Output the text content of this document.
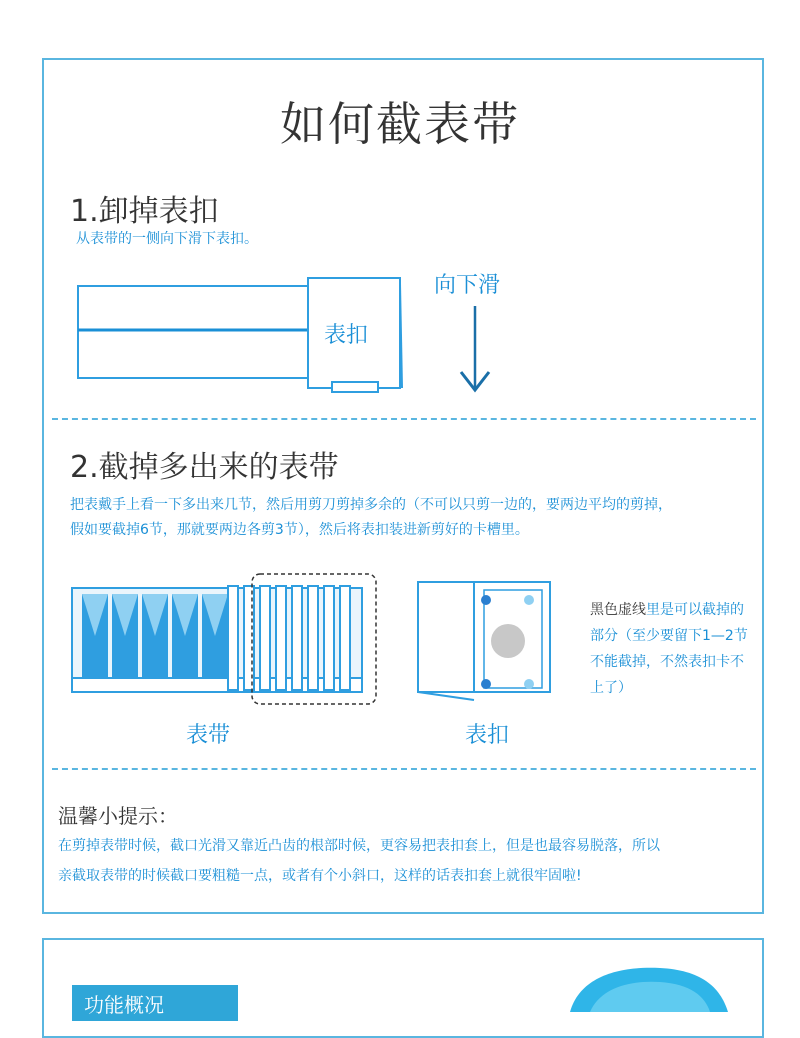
如何截表带
1.卸掉表扣
从表带的一侧向下滑下表扣。
表扣
向下滑
2.截掉多出来的表带
把表戴手上看一下多出来几节，然后用剪刀剪掉多余的（不可以只剪一边的，要两边平均的剪掉，
假如要截掉6节，那就要两边各剪3节），然后将表扣装进新剪好的卡槽里。
黑色虚线里是可以截掉的部分（至少要留下1—2节不能截掉，不然表扣卡不上了）
表带	表扣
温馨小提示：
在剪掉表带时候，截口光滑又靠近凸齿的根部时候，更容易把表扣套上，但是也最容易脱落，所以
亲截取表带的时候截口要粗糙一点，或者有个小斜口，这样的话表扣套上就很牢固啦!
功能概况
